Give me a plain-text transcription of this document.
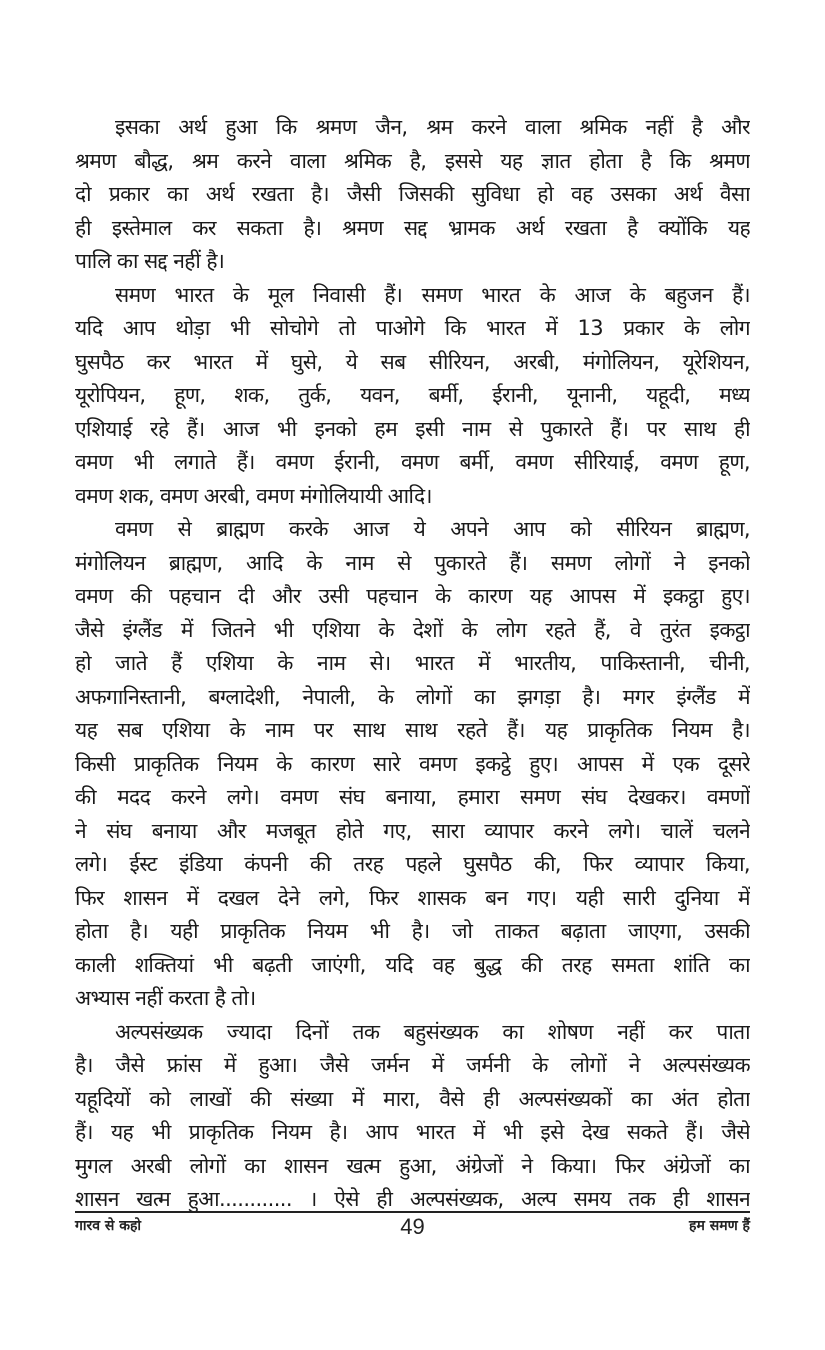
इसका अर्थ हुआ कि श्रमण जैन, श्रम करने वाला श्रमिक नहीं है और
श्रमण बौद्ध, श्रम करने वाला श्रमिक है, इससे यह ज्ञात होता है कि श्रमण
दो प्रकार का अर्थ रखता है। जैसी जिसकी सुविधा हो वह उसका अर्थ वैसा
ही इस्तेमाल कर सकता है। श्रमण सद्द भ्रामक अर्थ रखता है क्योंकि यह
पालि का सद्द नहीं है।
समण भारत के मूल निवासी हैं। समण भारत के आज के बहुजन हैं।
यदि आप थोड़ा भी सोचोगे तो पाओगे कि भारत में 13 प्रकार के लोग
घुसपैठ कर भारत में घुसे, ये सब सीरियन, अरबी, मंगोलियन, यूरेशियन,
यूरोपियन, हूण, शक, तुर्क, यवन, बर्मी, ईरानी, यूनानी, यहूदी, मध्य
एशियाई रहे हैं। आज भी इनको हम इसी नाम से पुकारते हैं। पर साथ ही
वमण भी लगाते हैं। वमण ईरानी, वमण बर्मी, वमण सीरियाई, वमण हूण,
वमण शक, वमण अरबी, वमण मंगोलियायी आदि।
वमण से ब्राह्मण करके आज ये अपने आप को सीरियन ब्राह्मण,
मंगोलियन ब्राह्मण, आदि के नाम से पुकारते हैं। समण लोगों ने इनको
वमण की पहचान दी और उसी पहचान के कारण यह आपस में इकट्ठा हुए।
जैसे इंग्लैंड में जितने भी एशिया के देशों के लोग रहते हैं, वे तुरंत इकट्ठा
हो जाते हैं एशिया के नाम से। भारत में भारतीय, पाकिस्तानी, चीनी,
अफगानिस्तानी, बग्लादेशी, नेपाली, के लोगों का झगड़ा है। मगर इंग्लैंड में
यह सब एशिया के नाम पर साथ साथ रहते हैं। यह प्राकृतिक नियम है।
किसी प्राकृतिक नियम के कारण सारे वमण इकट्ठे हुए। आपस में एक दूसरे
की मदद करने लगे। वमण संघ बनाया, हमारा समण संघ देखकर। वमणों
ने संघ बनाया और मजबूत होते गए, सारा व्यापार करने लगे। चालें चलने
लगे। ईस्ट इंडिया कंपनी की तरह पहले घुसपैठ की, फिर व्यापार किया,
फिर शासन में दखल देने लगे, फिर शासक बन गए। यही सारी दुनिया में
होता है। यही प्राकृतिक नियम भी है। जो ताकत बढ़ाता जाएगा, उसकी
काली शक्तियां भी बढ़ती जाएंगी, यदि वह बुद्ध की तरह समता शांति का
अभ्यास नहीं करता है तो।
अल्पसंख्यक ज्यादा दिनों तक बहुसंख्यक का शोषण नहीं कर पाता
है। जैसे फ्रांस में हुआ। जैसे जर्मन में जर्मनी के लोगों ने अल्पसंख्यक
यहूदियों को लाखों की संख्या में मारा, वैसे ही अल्पसंख्यकों का अंत होता
हैं। यह भी प्राकृतिक नियम है। आप भारत में भी इसे देख सकते हैं। जैसे
मुगल अरबी लोगों का शासन खत्म हुआ, अंग्रेजों ने किया। फिर अंग्रेजों का
शासन खत्म हुआ............ । ऐसे ही अल्पसंख्यक, अल्प समय तक ही शासन
गारव से कहो	49	हम समण हैं
